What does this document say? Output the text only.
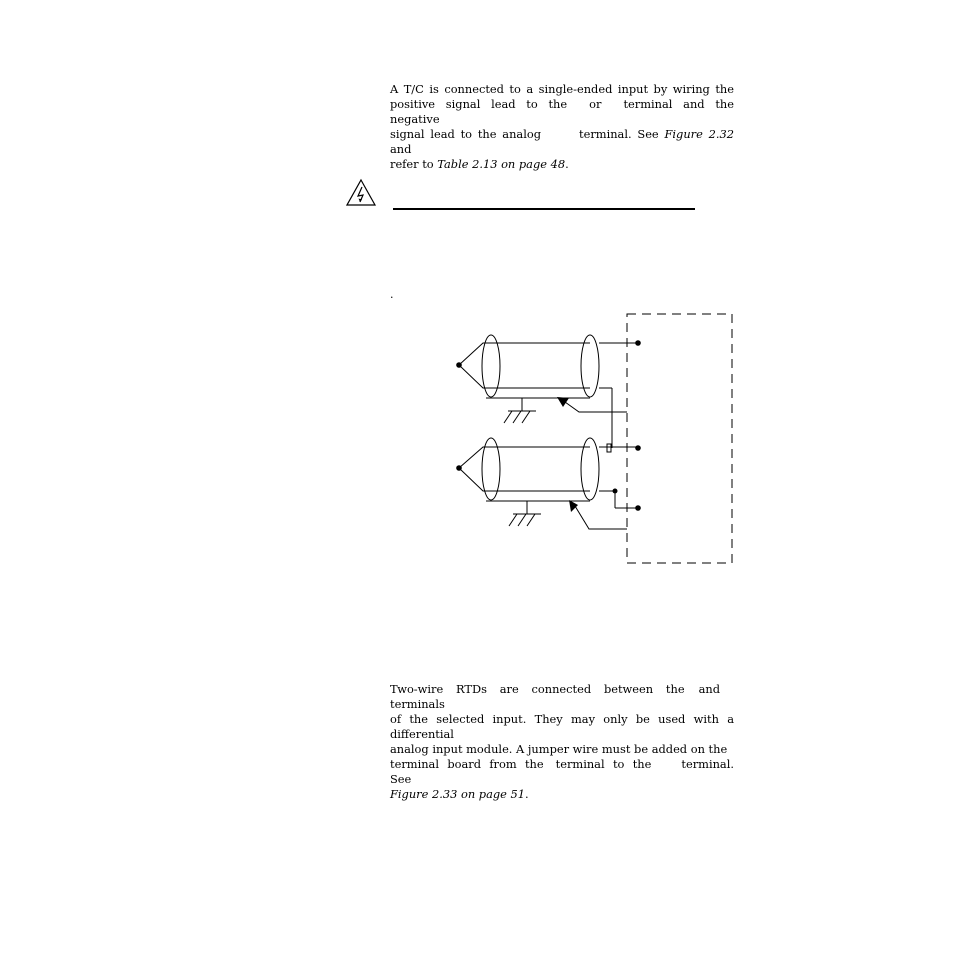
A T/C is connected to a single-ended input by wiring the
positive signal lead to the or terminal and the negative
signal lead to the analog	terminal. See Figure 2.32 and
refer to Table 2.13 on page 48.
.
Two-wire RTDs are connected between the andterminals
of the selected input. They may only be used with a differential
analog input module. A jumper wire must be added on the
terminal board from the terminal to the	terminal. See
Figure 2.33 on page 51.
